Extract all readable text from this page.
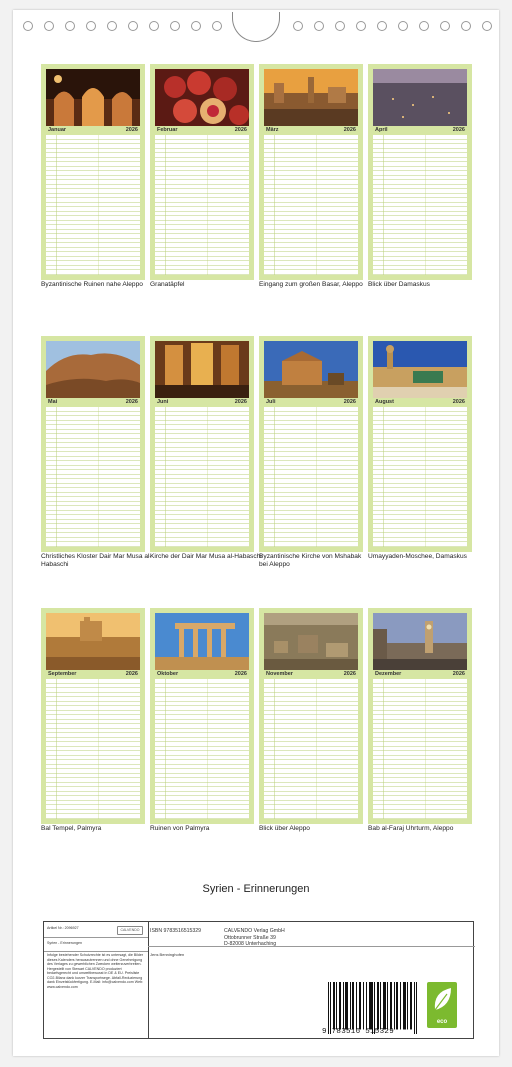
Januar	2026
Byzantinische Ruinen nahe Aleppo
Februar	2026
Granatäpfel
März	2026
Eingang zum großen Basar, Aleppo
April	2026
Blick über Damaskus
Mai	2026
Christliches Kloster Dair Mar Musa al-Habaschi
Juni	2026
Kirche der Dair Mar Musa al-Habaschi
Juli	2026
Byzantinische Kirche von Mshabak bei Aleppo
August	2026
Umayyaden-Moschee, Damaskus
September	2026
Bal Tempel, Palmyra
Oktober	2026
Ruinen von Palmyra
November	2026
Blick über Aleppo
Dezember	2026
Bab al-Faraj Uhrturm, Aleppo
Syrien - Erinnerungen
Artikel Nr.: 2096927	CALVENDO
Syrien - Erinnerungen
Infolge bestehender Schutzrechte ist es untersagt, die Bilder dieses Kalenders herauszutrennen und ohne Genehmigung des Verlages zu gewerblichen Zwecken weiterzuverbreiten. Hergestellt von Stewart CALVENDO produziert bedarfsgerecht und umweltbewusst in DE & EU. Preisliste CO2-Bilanz dank kurzer Transportwege. Abfall-Reduzierung dank Einzelstückfertigung. E-Mail: info@calvendo.com Web: www.calvendo.com
ISBN 9783516515329	CALVENDO Verlag GmbH
Ottobrunner Straße 39
D-82008 Unterhaching
Jens Benninghofen
9 783516 515329
eco
